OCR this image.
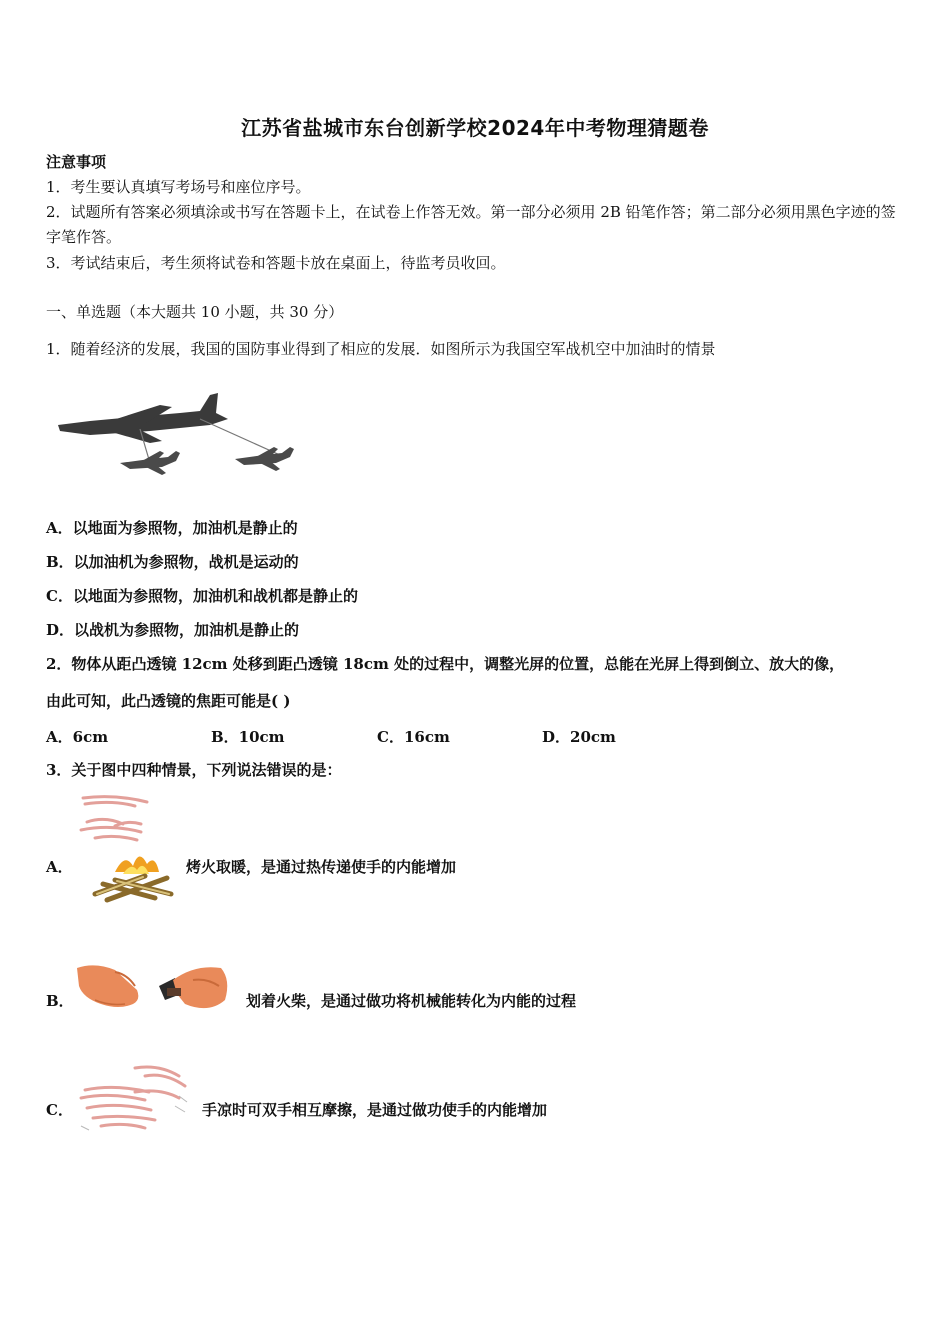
江苏省盐城市东台创新学校2024年中考物理猜题卷
注意事项
1．考生要认真填写考场号和座位序号。
2．试题所有答案必须填涂或书写在答题卡上，在试卷上作答无效。第一部分必须用 2B 铅笔作答；第二部分必须用黑色字迹的签字笔作答。
3．考试结束后，考生须将试卷和答题卡放在桌面上，待监考员收回。
一、单选题（本大题共 10 小题，共 30 分）
1．随着经济的发展，我国的国防事业得到了相应的发展．如图所示为我国空军战机空中加油时的情景
A．以地面为参照物，加油机是静止的
B．以加油机为参照物，战机是运动的
C．以地面为参照物，加油机和战机都是静止的
D．以战机为参照物，加油机是静止的
2．物体从距凸透镜 12cm 处移到距凸透镜 18cm 处的过程中，调整光屏的位置，总能在光屏上得到倒立、放大的像，
由此可知，此凸透镜的焦距可能是( )
A．6cm	B．10cm	C．16cm	D．20cm
3．关于图中四种情景，下列说法错误的是：
A．	烤火取暖，是通过热传递使手的内能增加
B．	划着火柴，是通过做功将机械能转化为内能的过程
C．	手凉时可双手相互摩擦，是通过做功使手的内能增加
